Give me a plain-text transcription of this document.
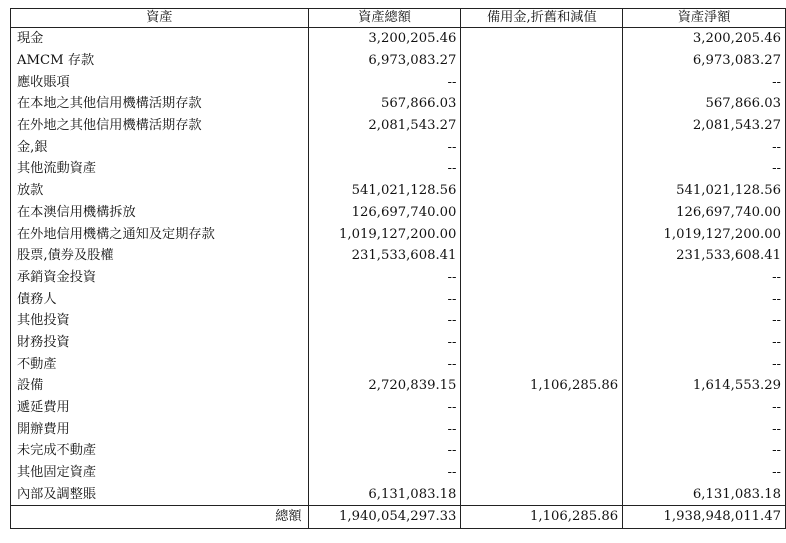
資產	資產總額	備用金,折舊和減值	資產淨額
現金	3,200,205.46		3,200,205.46
AMCM 存款	6,973,083.27		6,973,083.27
應收賬項	--		--
在本地之其他信用機構活期存款	567,866.03		567,866.03
在外地之其他信用機構活期存款	2,081,543.27		2,081,543.27
金,銀	--		--
其他流動資產	--		--
放款	541,021,128.56		541,021,128.56
在本澳信用機構拆放	126,697,740.00		126,697,740.00
在外地信用機構之通知及定期存款	1,019,127,200.00		1,019,127,200.00
股票,債券及股權	231,533,608.41		231,533,608.41
承銷資金投資	--		--
債務人	--		--
其他投資	--		--
財務投資	--		--
不動產	--		--
設備	2,720,839.15	1,106,285.86	1,614,553.29
遞延費用	--		--
開辦費用	--		--
未完成不動產	--		--
其他固定資產	--		--
內部及調整賬	6,131,083.18		6,131,083.18
總額	1,940,054,297.33	1,106,285.86	1,938,948,011.47
